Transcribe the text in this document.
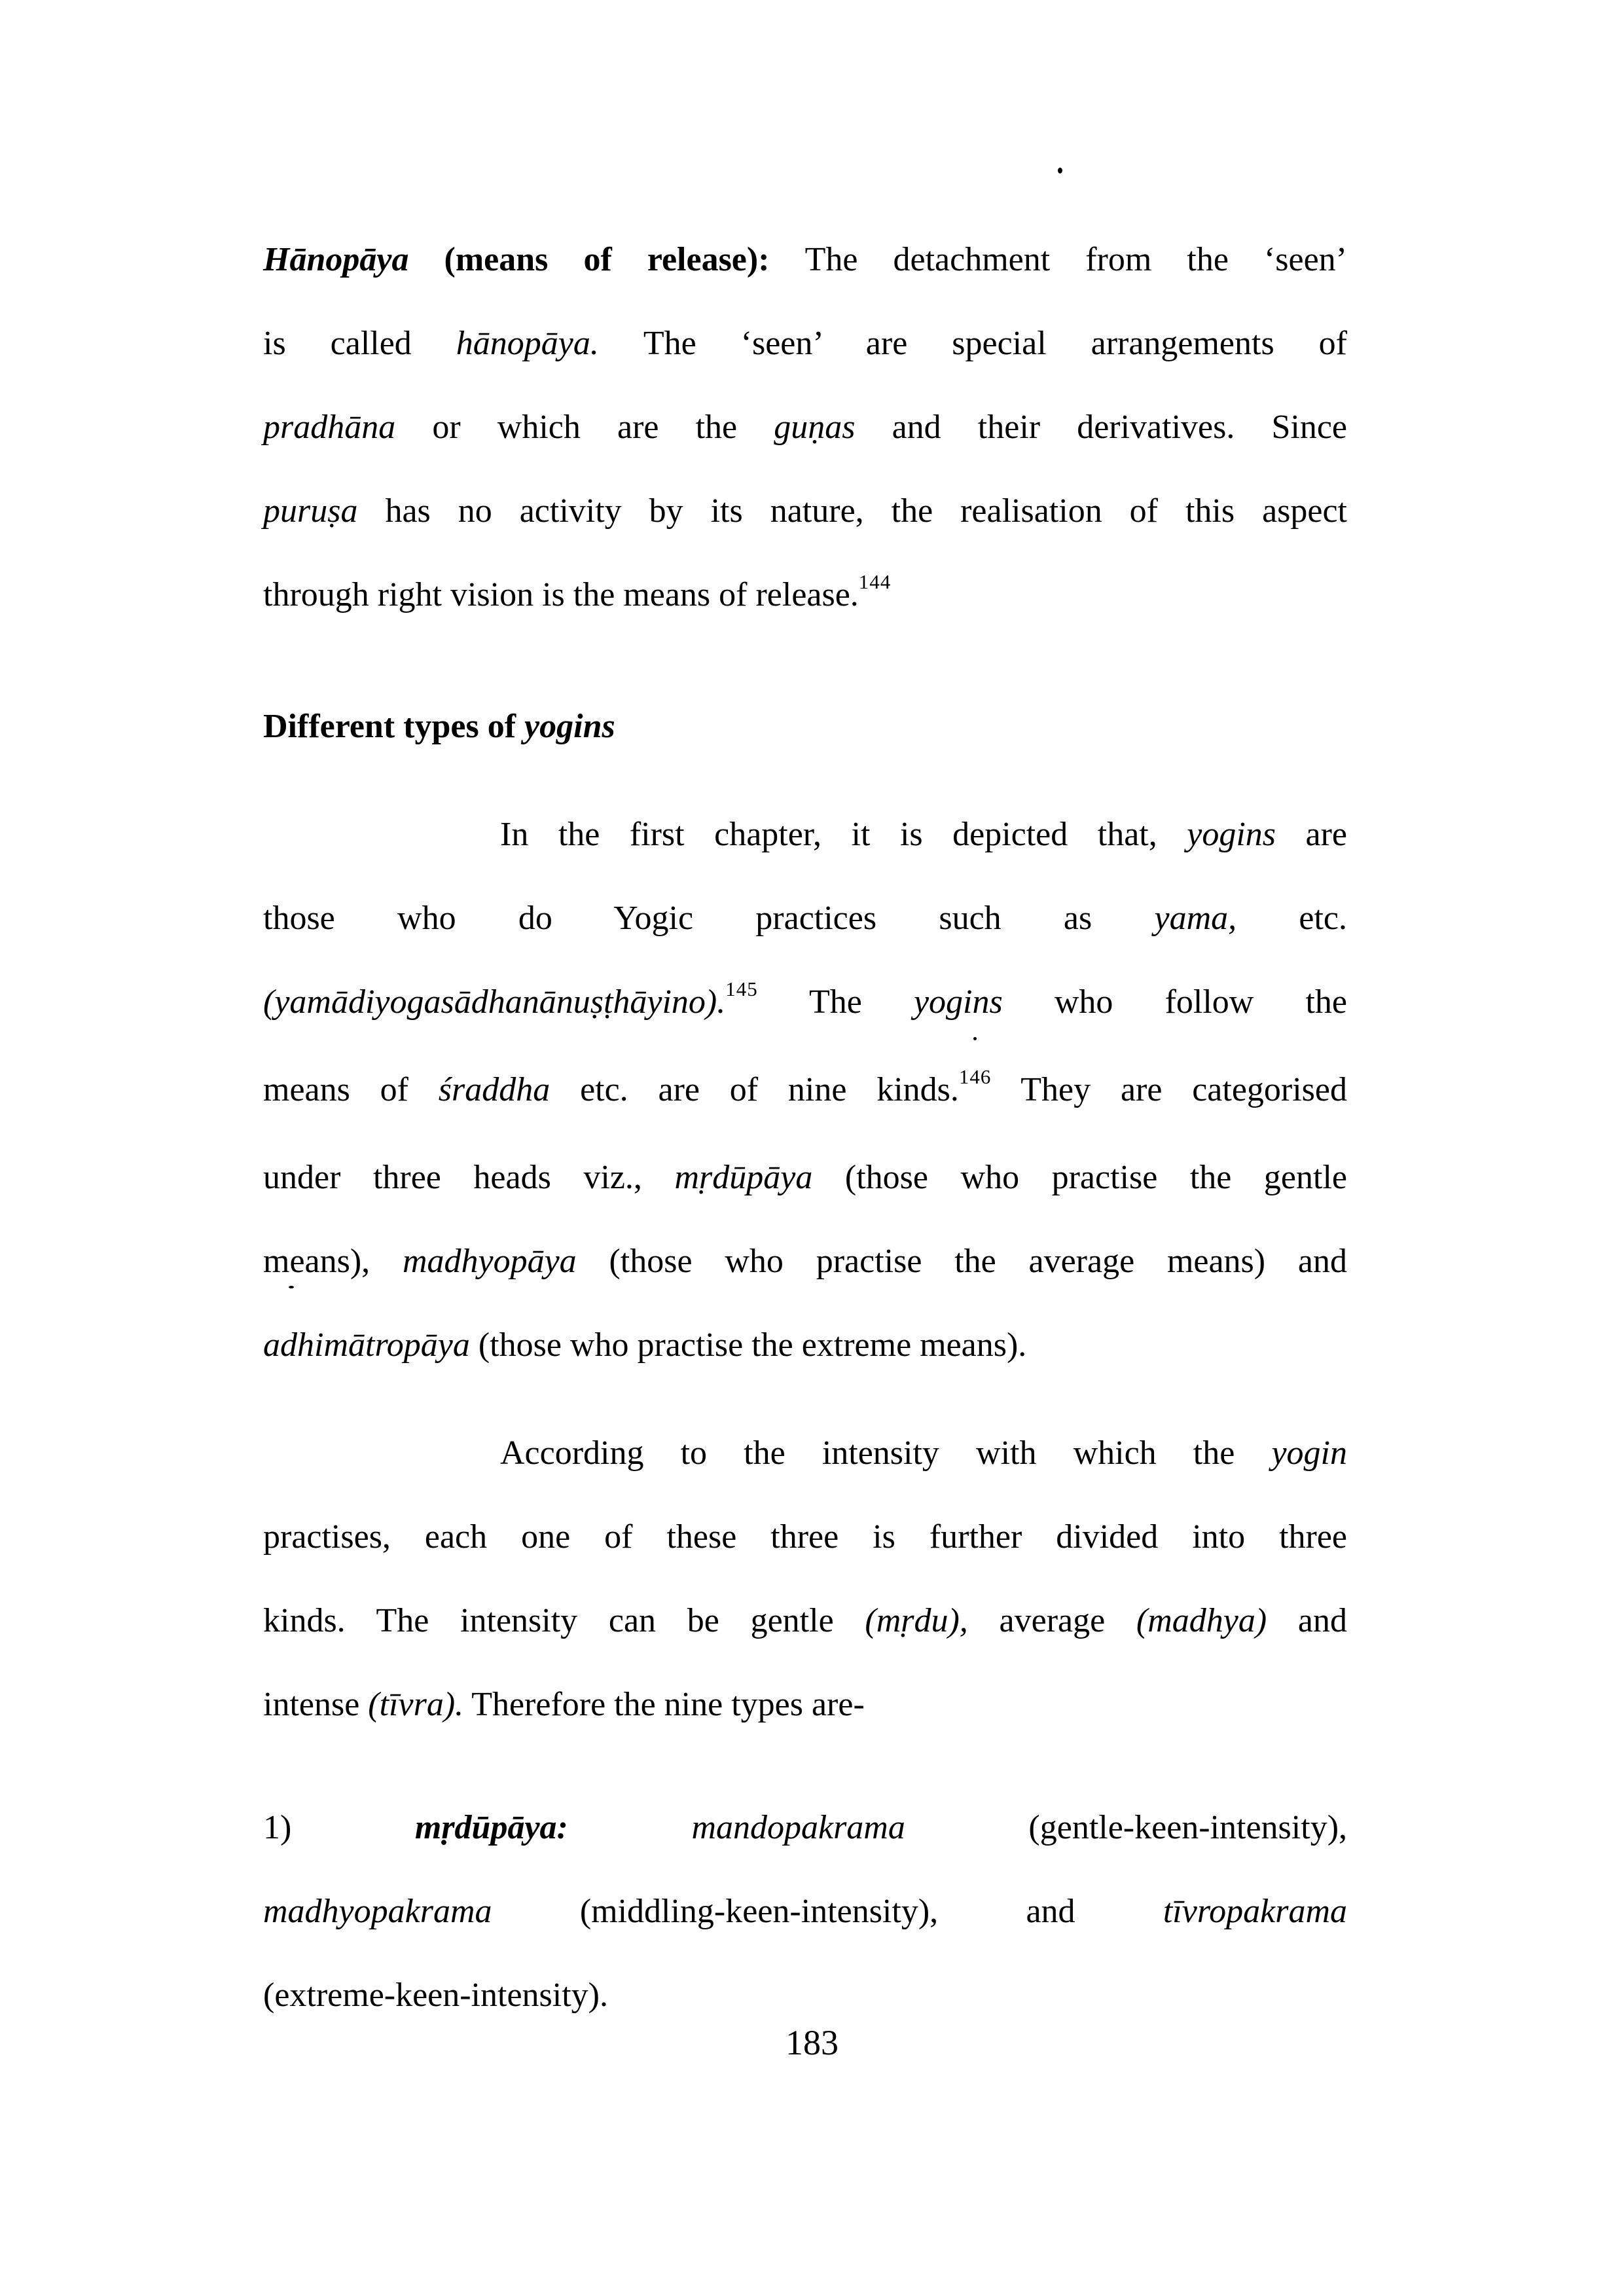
Hānopāya (means of release): The detachment from the ‘seen’
is called hānopāya. The ‘seen’ are special arrangements of
pradhāna or which are the guṇas and their derivatives. Since
puruṣa has no activity by its nature, the realisation of this aspect
through right vision is the means of release.$^{144}$
Different types of yogins
In the first chapter, it is depicted that, yogins are
those who do Yogic practices such as yama, etc.
(yamādiyogasādhanānuṣṭhāyino).$^{145}$ The yogins who follow the
means of śraddha etc. are of nine kinds.$^{146}$ They are categorised
under three heads viz., mṛdūpāya (those who practise the gentle
means), madhyopāya (those who practise the average means) and
adhimātropāya (those who practise the extreme means).
According to the intensity with which the yogin
practises, each one of these three is further divided into three
kinds. The intensity can be gentle (mṛdu), average (madhya) and
intense (tīvra). Therefore the nine types are-
1) mṛdūpāya: mandopakrama (gentle-keen-intensity),
madhyopakrama (middling-keen-intensity), and tīvropakrama
(extreme-keen-intensity).
183
